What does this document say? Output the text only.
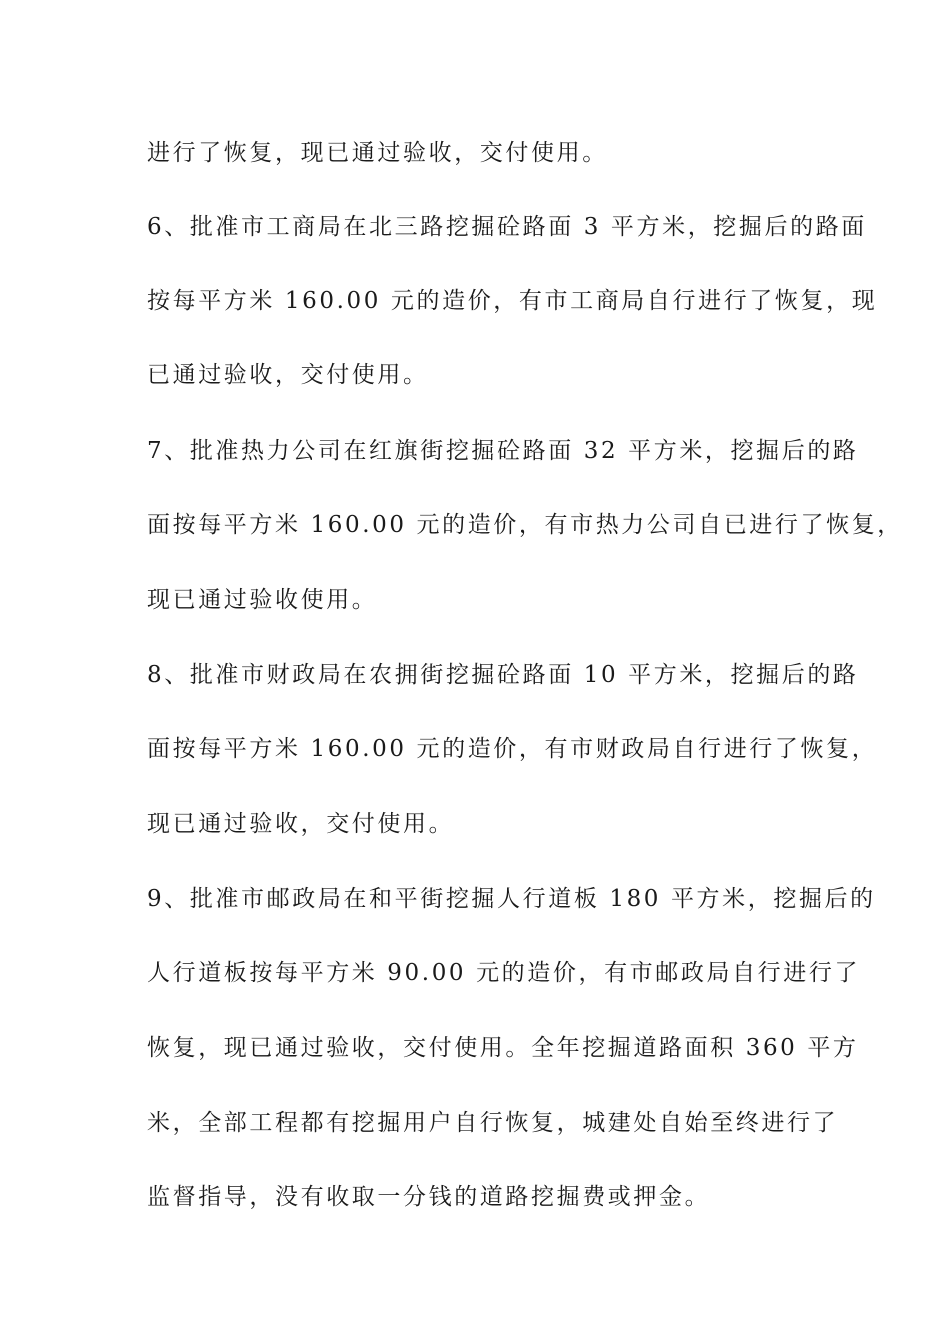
进行了恢复，现已通过验收，交付使用。
6、批准市工商局在北三路挖掘砼路面 3 平方米，挖掘后的路面
按每平方米 160.00 元的造价，有市工商局自行进行了恢复，现
已通过验收，交付使用。
7、批准热力公司在红旗街挖掘砼路面 32 平方米，挖掘后的路
面按每平方米 160.00 元的造价，有市热力公司自已进行了恢复，
现已通过验收使用。
8、批准市财政局在农拥街挖掘砼路面 10 平方米，挖掘后的路
面按每平方米 160.00 元的造价，有市财政局自行进行了恢复，
现已通过验收，交付使用。
9、批准市邮政局在和平街挖掘人行道板 180 平方米，挖掘后的
人行道板按每平方米 90.00 元的造价，有市邮政局自行进行了
恢复，现已通过验收，交付使用。全年挖掘道路面积 360 平方
米，全部工程都有挖掘用户自行恢复，城建处自始至终进行了
监督指导，没有收取一分钱的道路挖掘费或押金。
